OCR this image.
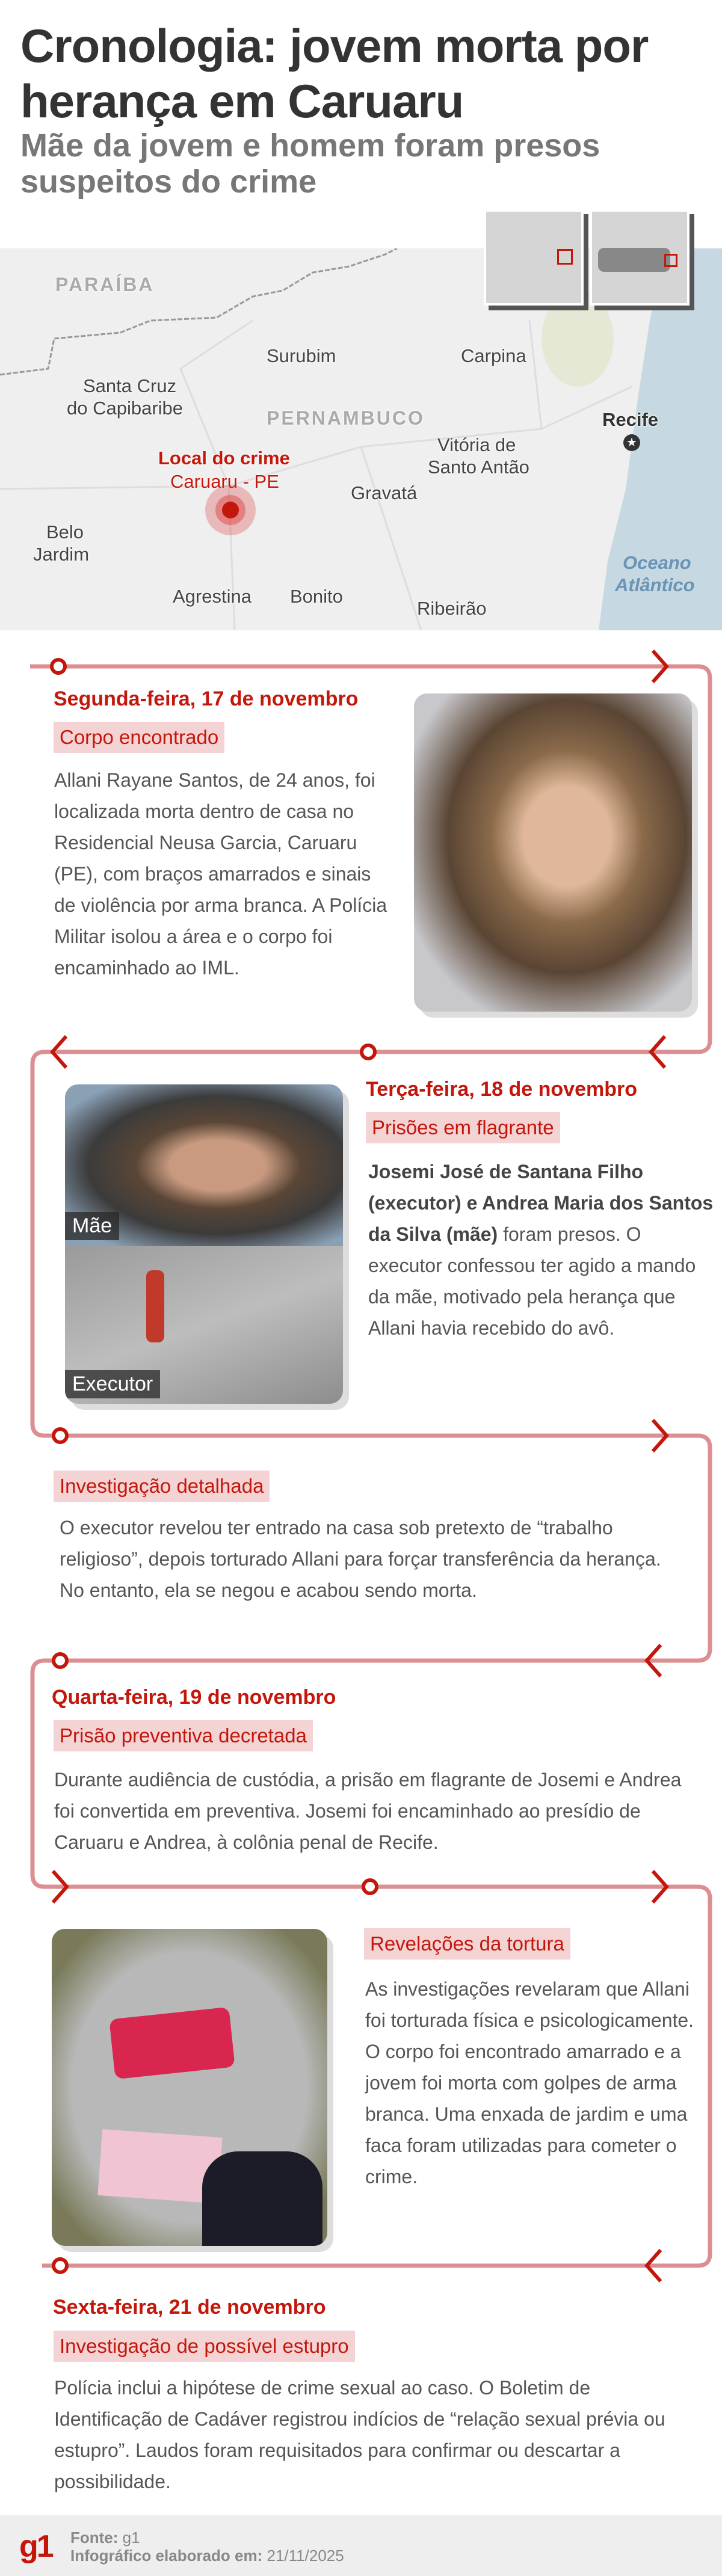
Cronologia: jovem morta por herança em Caruaru
Mãe da jovem e homem foram presos suspeitos do crime
PARAÍBA
Surubim	Carpina
Santa Cruz
do Capibaribe	PERNAMBUCO	Recife
★
Vitória de
Santo Antão
Local do crime
Caruaru - PE
Gravatá
Belo
Jardim
Agrestina Bonito
Ribeirão
Oceano
Atlântico
Segunda-feira, 17 de novembro
Corpo encontrado
Allani Rayane Santos, de 24 anos, foi localizada morta dentro de casa no Residencial Neusa Garcia, Caruaru (PE), com braços amarrados e sinais de violência por arma branca. A Polícia Militar isolou a área e o corpo foi encaminhado ao IML.
Terça-feira, 18 de novembro
Prisões em flagrante
Josemi José de Santana Filho (executor) e Andrea Maria dos Santos da Silva (mãe) foram presos. O executor confessou ter agido a mando da mãe, motivado pela herança que Allani havia recebido do avô.
Mãe
Executor
Investigação detalhada
O executor revelou ter entrado na casa sob pretexto de “trabalho religioso”, depois torturado Allani para forçar transferência da herança. No entanto, ela se negou e acabou sendo morta.
Quarta-feira, 19 de novembro
Prisão preventiva decretada
Durante audiência de custódia, a prisão em flagrante de Josemi e Andrea foi convertida em preventiva. Josemi foi encaminhado ao presídio de Caruaru e Andrea, à colônia penal de Recife.
Revelações da tortura
As investigações revelaram que Allani foi torturada física e psicologicamente. O corpo foi encontrado amarrado e a jovem foi morta com golpes de arma branca. Uma enxada de jardim e uma faca foram utilizadas para cometer o crime.
Sexta-feira, 21 de novembro
Investigação de possível estupro
Polícia inclui a hipótese de crime sexual ao caso. O Boletim de Identificação de Cadáver registrou indícios de “relação sexual prévia ou estupro”. Laudos foram requisitados para confirmar ou descartar a possibilidade.
g1 Fonte: g1
Infográfico elaborado em: 21/11/2025
